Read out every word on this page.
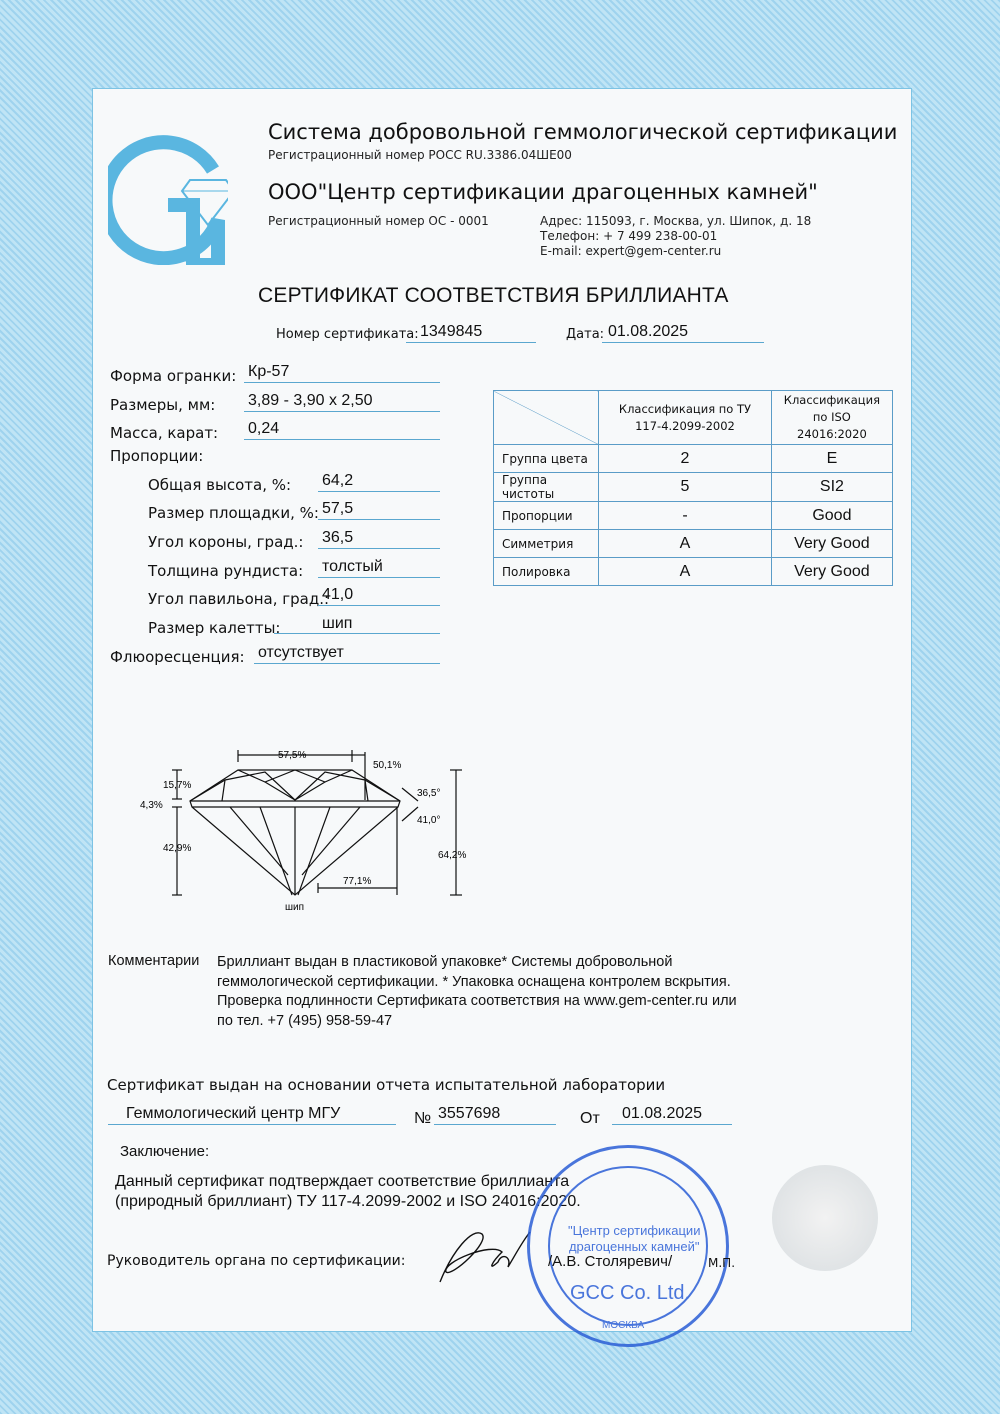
Система добровольной геммологической сертификации
Регистрационный номер РОСС RU.3386.04ШЕ00
ООО"Центр сертификации драгоценных камней"
Регистрационный номер ОС - 0001	Адрес: 115093, г. Москва, ул. Шипок, д. 18
Телефон: + 7 499 238-00-01
E-mail: expert@gem-center.ru
СЕРТИФИКАТ СООТВЕТСТВИЯ БРИЛЛИАНТА
Номер сертификата: 1349845	Дата: 01.08.2025
Форма огранки: Кр-57
Размеры, мм: 3,89 - 3,90 x 2,50
Масса, карат: 0,24
Пропорции:
Общая высота, %: 64,2
Размер площадки, %: 57,5
Угол короны, град.: 36,5
Толщина рундиста: толстый
Угол павильона, град.:
41,0
Размер калетты:	шип
Флюоресценция: отсутствует
	Классификация по ТУ 117-4.2099-2002	Классификация по ISO 24016:2020
Группа цвета	2	E
Группа чистоты	5	SI2
Пропорции	-	Good
Симметрия	A	Very Good
Полировка	A	Very Good
57,5%
50,1%
15,7%
4,3%
42,9%
36,5°
41,0°
64,2%
77,1%
шип
Комментарии Бриллиант выдан в пластиковой упаковке* Системы добровольной
геммологической сертификации. * Упаковка оснащена контролем вскрытия.
Проверка подлинности Сертификата соответствия на www.gem-center.ru или
по тел. +7 (495) 958-59-47
Сертификат выдан на основании отчета испытательной лаборатории
Геммологический центр МГУ	№ 3557698	От	01.08.2025
Заключение:
Данный сертификат подтверждает соответствие бриллианта
(природный бриллиант) ТУ 117-4.2099-2002 и ISO 24016:2020.
Руководитель органа по сертификации:
"Центр сертификации
драгоценных камней"
GCC Co. Ltd.
МОСКВА
/А.В. Столяревич/	М.П.
